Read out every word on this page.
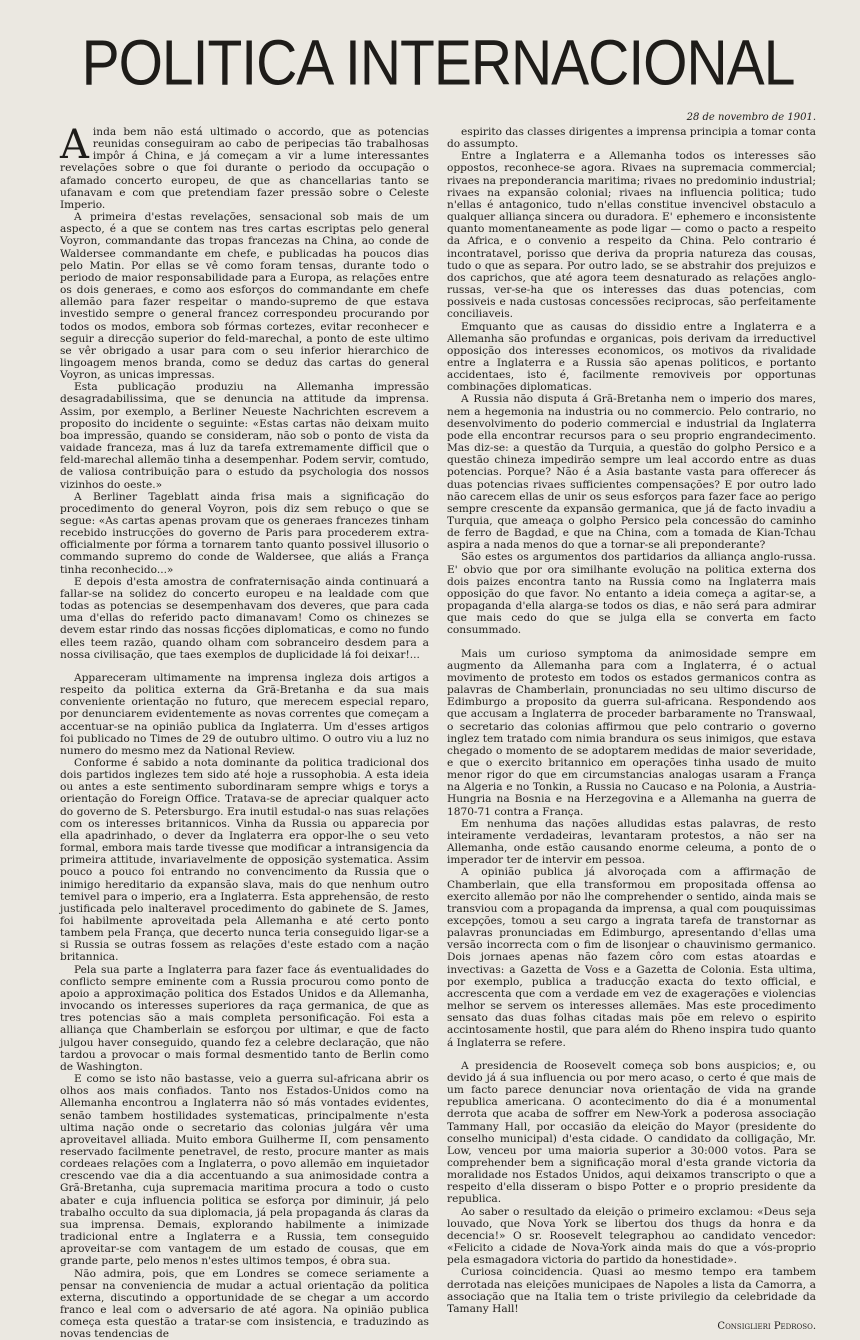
POLITICA INTERNACIONAL

Ainda bem não está ultimado o accordo, que as potencias reunidas conseguiram ao cabo de peripecias tão trabalhosas impôr á China, e já começam a vir a lume interessantes revelações sobre o que foi durante o periodo da occupação o afamado concerto europeu, de que as chancellarias tanto se ufanavam e com que pretendiam fazer pressão sobre o Celeste Imperio.

A primeira d'estas revelações, sensacional sob mais de um aspecto, é a que se contem nas tres cartas escriptas pelo general Voyron, commandante das tropas francezas na China, ao conde de Waldersee commandante em chefe, e publicadas ha poucos dias pelo Matin. Por ellas se vê como foram tensas, durante todo o periodo de maior responsabilidade para a Europa, as relações entre os dois generaes, e como aos esforços do commandante em chefe allemão para fazer respeitar o mando-supremo de que estava investido sempre o general francez correspondeu procurando por todos os modos, embora sob fórmas cortezes, evitar reconhecer e seguir a direcção superior do feld-marechal, a ponto de este ultimo se vêr obrigado a usar para com o seu inferior hierarchico de lingoagem menos branda, como se deduz das cartas do general Voyron, as unicas impressas.

Esta publicação produziu na Allemanha impressão desagradabilissima, que se denuncia na attitude da imprensa. Assim, por exemplo, a Berliner Neueste Nachrichten escrevem a proposito do incidente o seguinte: «Estas cartas não deixam muito boa impressão, quando se consideram, não sob o ponto de vista da vaidade franceza, mas á luz da tarefa extremamente difficil que o feld-marechal allemão tinha a desempenhar. Podem servir, comtudo, de valiosa contribuição para o estudo da psychologia dos nossos vizinhos do oeste.»

A Berliner Tageblatt ainda frisa mais a significação do procedimento do general Voyron, pois diz sem rebuço o que se segue: «As cartas apenas provam que os generaes francezes tinham recebido instrucções do governo de Paris para procederem extra-officialmente por fórma a tornarem tanto quanto possivel illusorio o commando supremo do conde de Waldersee, que aliás a França tinha reconhecido...»

E depois d'esta amostra de confraternisação ainda continuará a fallar-se na solidez do concerto europeu e na lealdade com que todas as potencias se desempenhavam dos deveres, que para cada uma d'ellas do referido pacto dimanavam! Como os chinezes se devem estar rindo das nossas ficções diplomaticas, e como no fundo elles teem razão, quando olham com sobranceiro desdem para a nossa civilisação, que taes exemplos de duplicidade lá foi deixar!...

Appareceram ultimamente na imprensa ingleza dois artigos a respeito da politica externa da Grã-Bretanha e da sua mais conveniente orientação no futuro, que merecem especial reparo, por denunciarem evidentemente as novas correntes que começam a accentuar-se na opinião publica da Inglaterra. Um d'esses artigos foi publicado no Times de 29 de outubro ultimo. O outro viu a luz no numero do mesmo mez da National Review.

Conforme é sabido a nota dominante da politica tradicional dos dois partidos inglezes tem sido até hoje a russophobia. A esta ideia ou antes a este sentimento subordinaram sempre whigs e torys a orientação do Foreign Office. Tratava-se de apreciar qualquer acto do governo de S. Petersburgo. Era inutil estudal-o nas suas relações com os interesses britannicos. Vinha da Russia ou apparecia por ella apadrinhado, o dever da Inglaterra era oppor-lhe o seu veto formal, embora mais tarde tivesse que modificar a intransigencia da primeira attitude, invariavelmente de opposição systematica. Assim pouco a pouco foi entrando no convencimento da Russia que o inimigo hereditario da expansão slava, mais do que nenhum outro temivel para o imperio, era a Inglaterra. Esta apprehensão, de resto justificada pelo inalteravel procedimento do gabinete de S. James, foi habilmente aproveitada pela Allemanha e até certo ponto tambem pela França, que decerto nunca teria conseguido ligar-se a si Russia se outras fossem as relações d'este estado com a nação britannica.

Pela sua parte a Inglaterra para fazer face ás eventualidades do conflicto sempre eminente com a Russia procurou como ponto de apoio a approximação politica dos Estados Unidos e da Allemanha, invocando os interesses superiores da raça germanica, de que as tres potencias são a mais completa personificação. Foi esta a alliança que Chamberlain se esforçou por ultimar, e que de facto julgou haver conseguido, quando fez a celebre declaração, que não tardou a provocar o mais formal desmentido tanto de Berlin como de Washington.

E como se isto não bastasse, veio a guerra sul-africana abrir os olhos aos mais confiados. Tanto nos Estados-Unidos como na Allemanha encontrou a Inglaterra não só más vontades evidentes, senão tambem hostilidades systematicas, principalmente n'esta ultima nação onde o secretario das colonias julgára vêr uma aproveitavel alliada. Muito embora Guilherme II, com pensamento reservado facilmente penetravel, de resto, procure manter as mais cordeaes relações com a Inglaterra, o povo allemão em inquietador crescendo vae dia a dia accentuando a sua animosidade contra a Grã-Bretanha, cuja supremacia maritima procura a todo o custo abater e cuja influencia politica se esforça por diminuir, já pelo trabalho occulto da sua diplomacia, já pela propaganda ás claras da sua imprensa. Demais, explorando habilmente a inimizade tradicional entre a Inglaterra e a Russia, tem conseguido aproveitar-se com vantagem de um estado de cousas, que em grande parte, pelo menos n'estes ultimos tempos, é obra sua.

Não admira, pois, que em Londres se comece seriamente a pensar na conveniencia de mudar a actual orientação da politica externa, discutindo a opportunidade de se chegar a um accordo franco e leal com o adversario de até agora. Na opinião publica começa esta questão a tratar-se com insistencia, e traduzindo as novas tendencias de

28 de novembro de 1901.

espirito das classes dirigentes a imprensa principia a tomar conta do assumpto.

Entre a Inglaterra e a Allemanha todos os interesses são oppostos, reconhece-se agora. Rivaes na supremacia commercial; rivaes na preponderancia maritima; rivaes no predominio industrial; rivaes na expansão colonial; rivaes na influencia politica; tudo n'ellas é antagonico, tudo n'ellas constitue invencivel obstaculo a qualquer alliança sincera ou duradora. E' ephemero e inconsistente quanto momentaneamente as pode ligar — como o pacto a respeito da Africa, e o convenio a respeito da China. Pelo contrario é incontratavel, porisso que deriva da propria natureza das cousas, tudo o que as separa. Por outro lado, se se abstrahir dos prejuizos e dos caprichos, que até agora teem desnaturado as relações anglo-russas, ver-se-ha que os interesses das duas potencias, com possiveis e nada custosas concessões reciprocas, são perfeitamente conciliaveis.

Emquanto que as causas do dissidio entre a Inglaterra e a Allemanha são profundas e organicas, pois derivam da irreductivel opposição dos interesses economicos, os motivos da rivalidade entre a Inglaterra e a Russia são apenas politicos, e portanto accidentaes, isto é, facilmente removiveis por opportunas combinações diplomaticas.

A Russia não disputa á Grã-Bretanha nem o imperio dos mares, nem a hegemonia na industria ou no commercio. Pelo contrario, no desenvolvimento do poderio commercial e industrial da Inglaterra pode ella encontrar recursos para o seu proprio engrandecimento. Mas diz-se: a questão da Turquia, a questão do golpho Persico e a questão chineza impedirão sempre um leal accordo entre as duas potencias. Porque? Não é a Asia bastante vasta para offerecer ás duas potencias rivaes sufficientes compensações? E por outro lado não carecem ellas de unir os seus esforços para fazer face ao perigo sempre crescente da expansão germanica, que já de facto invadiu a Turquia, que ameaça o golpho Persico pela concessão do caminho de ferro de Bagdad, e que na China, com a tomada de Kian-Tchau aspira a nada menos do que a tornar-se ali preponderante?

São estes os argumentos dos partidarios da alliança anglo-russa. E' obvio que por ora similhante evolução na politica externa dos dois paizes encontra tanto na Russia como na Inglaterra mais opposição do que favor. No entanto a ideia começa a agitar-se, a propaganda d'ella alarga-se todos os dias, e não será para admirar que mais cedo do que se julga ella se converta em facto consummado.

Mais um curioso symptoma da animosidade sempre em augmento da Allemanha para com a Inglaterra, é o actual movimento de protesto em todos os estados germanicos contra as palavras de Chamberlain, pronunciadas no seu ultimo discurso de Edimburgo a proposito da guerra sul-africana. Respondendo aos que accusam a Inglaterra de proceder barbaramente no Transwaal, o secretario das colonias affirmou que pelo contrario o governo inglez tem tratado com nimia brandura os seus inimigos, que estava chegado o momento de se adoptarem medidas de maior severidade, e que o exercito britannico em operações tinha usado de muito menor rigor do que em circumstancias analogas usaram a França na Algeria e no Tonkin, a Russia no Caucaso e na Polonia, a Austria-Hungria na Bosnia e na Herzegovina e a Allemanha na guerra de 1870-71 contra a França.

Em nenhuma das nações alludidas estas palavras, de resto inteiramente verdadeiras, levantaram protestos, a não ser na Allemanha, onde estão causando enorme celeuma, a ponto de o imperador ter de intervir em pessoa.

A opinião publica já alvoroçada com a affirmação de Chamberlain, que ella transformou em propositada offensa ao exercito allemão por não lhe comprehender o sentido, ainda mais se transviou com a propaganda da imprensa, a qual com pouquissimas excepções, tomou a seu cargo a ingrata tarefa de transtornar as palavras pronunciadas em Edimburgo, apresentando d'ellas uma versão incorrecta com o fim de lisonjear o chauvinismo germanico. Dois jornaes apenas não fazem côro com estas atoardas e invectivas: a Gazetta de Voss e a Gazetta de Colonia. Esta ultima, por exemplo, publica a traducção exacta do texto official, e accrescenta que com a verdade em vez de exagerações e violencias melhor se servem os interesses allemães. Mas este procedimento sensato das duas folhas citadas mais põe em relevo o espirito accintosamente hostil, que para além do Rheno inspira tudo quanto á Inglaterra se refere.

A presidencia de Roosevelt começa sob bons auspicios; e, ou devido já á sua influencia ou por mero acaso, o certo é que mais de um facto parece denunciar nova orientação de vida na grande republica americana. O acontecimento do dia é a monumental derrota que acaba de soffrer em New-York a poderosa associação Tammany Hall, por occasião da eleição do Mayor (presidente do conselho municipal) d'esta cidade. O candidato da colligação, Mr. Low, venceu por uma maioria superior a 30:000 votos. Para se comprehender bem a significação moral d'esta grande victoria da moralidade nos Estados Unidos, aqui deixamos transcripto o que a respeito d'ella disseram o bispo Potter e o proprio presidente da republica.

Ao saber o resultado da eleição o primeiro exclamou: «Deus seja louvado, que Nova York se libertou dos thugs da honra e da decencia!» O sr. Roosevelt telegraphou ao candidato vencedor: «Felicito a cidade de Nova-York ainda mais do que a vós-proprio pela esmagadora victoria do partido da honestidade».

Curiosa coincidencia. Quasi ao mesmo tempo era tambem derrotada nas eleições municipaes de Napoles a lista da Camorra, a associação que na Italia tem o triste privilegio da celebridade da Tamany Hall!

Consiglieri Pedroso.
